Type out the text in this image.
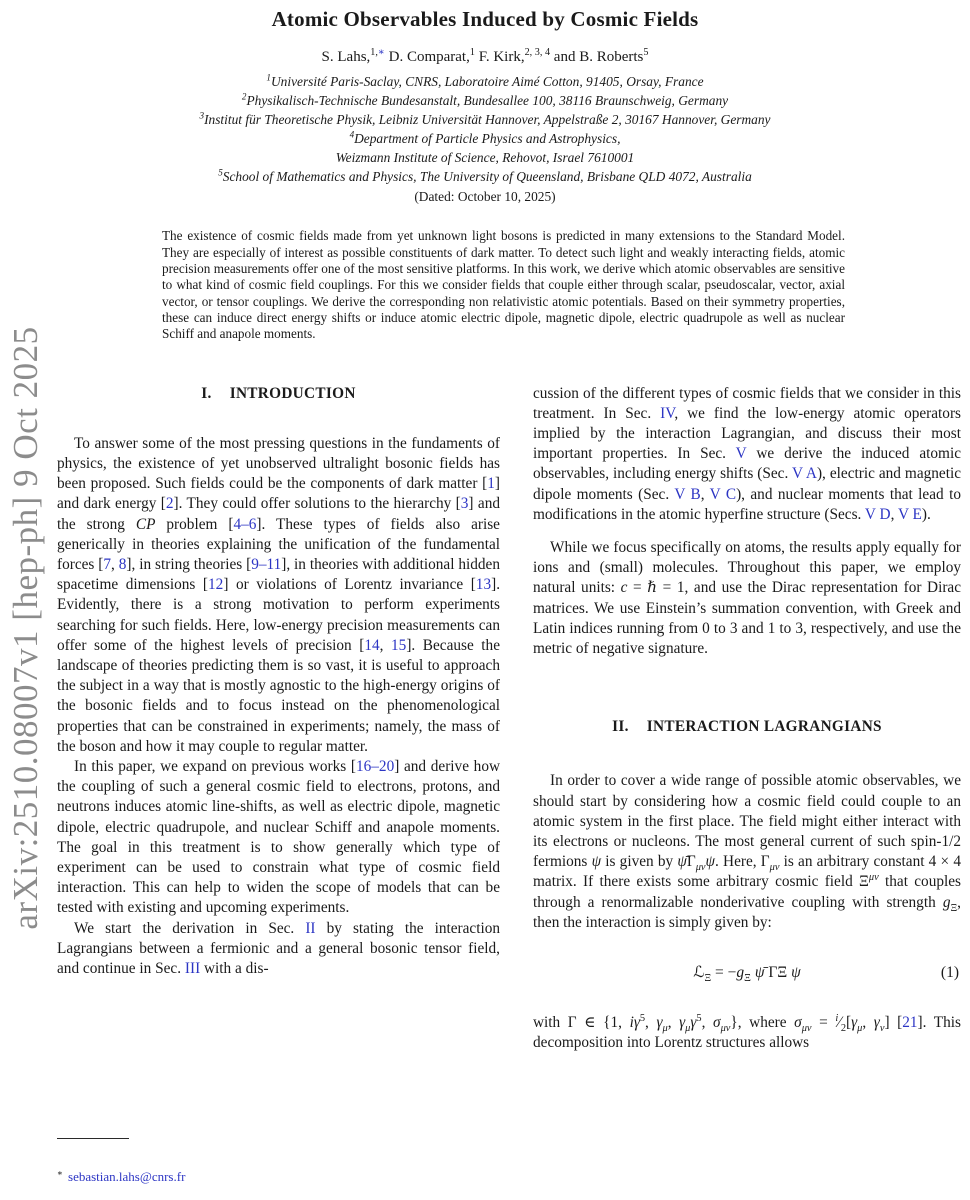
arXiv:2510.08007v1 [hep-ph] 9 Oct 2025
Atomic Observables Induced by Cosmic Fields
S. Lahs,$^{1,∗}$ D. Comparat,$^1$ F. Kirk,$^{2, 3, 4}$ and B. Roberts$^5$
$^1$Université Paris-Saclay, CNRS, Laboratoire Aimé Cotton, 91405, Orsay, France
$^2$Physikalisch-Technische Bundesanstalt, Bundesallee 100, 38116 Braunschweig, Germany
$^3$Institut für Theoretische Physik, Leibniz Universität Hannover, Appelstraße 2, 30167 Hannover, Germany
$^4$Department of Particle Physics and Astrophysics,
Weizmann Institute of Science, Rehovot, Israel 7610001
$^5$School of Mathematics and Physics, The University of Queensland, Brisbane QLD 4072, Australia
(Dated: October 10, 2025)
The existence of cosmic fields made from yet unknown light bosons is predicted in many extensions to the Standard Model. They are especially of interest as possible constituents of dark matter. To detect such light and weakly interacting fields, atomic precision measurements offer one of the most sensitive platforms. In this work, we derive which atomic observables are sensitive to what kind of cosmic field couplings. For this we consider fields that couple either through scalar, pseudoscalar, vector, axial vector, or tensor couplings. We derive the corresponding non relativistic atomic potentials. Based on their symmetry properties, these can induce direct energy shifts or induce atomic electric dipole, magnetic dipole, electric quadrupole as well as nuclear Schiff and anapole moments.
I. INTRODUCTION

To answer some of the most pressing questions in the fundaments of physics, the existence of yet unobserved ultralight bosonic fields has been proposed. Such fields could be the components of dark matter [1] and dark energy [2]. They could offer solutions to the hierarchy [3] and the strong CP problem [4–6]. These types of fields also arise generically in theories explaining the unification of the fundamental forces [7, 8], in string theories [9–11], in theories with additional hidden spacetime dimensions [12] or violations of Lorentz invariance [13]. Evidently, there is a strong motivation to perform experiments searching for such fields. Here, low-energy precision measurements can offer some of the highest levels of precision [14, 15]. Because the landscape of theories predicting them is so vast, it is useful to approach the subject in a way that is mostly agnostic to the high-energy origins of the bosonic fields and to focus instead on the phenomenological properties that can be constrained in experiments; namely, the mass of the boson and how it may couple to regular matter.

In this paper, we expand on previous works [16–20] and derive how the coupling of such a general cosmic field to electrons, protons, and neutrons induces atomic line-shifts, as well as electric dipole, magnetic dipole, electric quadrupole, and nuclear Schiff and anapole moments. The goal in this treatment is to show generally which type of experiment can be used to constrain what type of cosmic field interaction. This can help to widen the scope of models that can be tested with existing and upcoming experiments.

We start the derivation in Sec. II by stating the interaction Lagrangians between a fermionic and a general bosonic tensor field, and continue in Sec. III with a dis-

cussion of the different types of cosmic fields that we consider in this treatment. In Sec. IV, we find the low-energy atomic operators implied by the interaction Lagrangian, and discuss their most important properties. In Sec. V we derive the induced atomic observables, including energy shifts (Sec. V A), electric and magnetic dipole moments (Sec. V B, V C), and nuclear moments that lead to modifications in the atomic hyperfine structure (Secs. V D, V E).

While we focus specifically on atoms, the results apply equally for ions and (small) molecules. Throughout this paper, we employ natural units: c = ℏ = 1, and use the Dirac representation for Dirac matrices. We use Einstein’s summation convention, with Greek and Latin indices running from 0 to 3 and 1 to 3, respectively, and use the metric of negative signature.

II. INTERACTION LAGRANGIANS

In order to cover a wide range of possible atomic observables, we should start by considering how a cosmic field could couple to an atomic system in the first place. The field might either interact with its electrons or nucleons. The most general current of such spin-1/2 fermions ψ is given by $\psī\Gamma_{\mu\nu}\psi$. Here, $\Gamma_{\mu\nu}$ is an arbitrary constant 4 × 4 matrix. If there exists some arbitrary cosmic field $\Xi^{\mu\nu}$ that couples through a renormalizable nonderivative coupling with strength $g_\Xi$, then the interaction is simply given by:

ℒ$_\Xi$ = $-g_\Xi$ ψ̄ ΓΞ ψ	(1)

with Γ ∈ {1, $i\gamma^5$, $\gamma_\mu$, $\gamma_\mu\gamma^5$, $\sigma_{\mu\nu}$}, where $\sigma_{\mu\nu}$ = $^i⁄_2[\gamma_\mu$, $\gamma_\nu$] [21]. This decomposition into Lorentz structures allows

∗ sebastian.lahs@cnrs.fr
